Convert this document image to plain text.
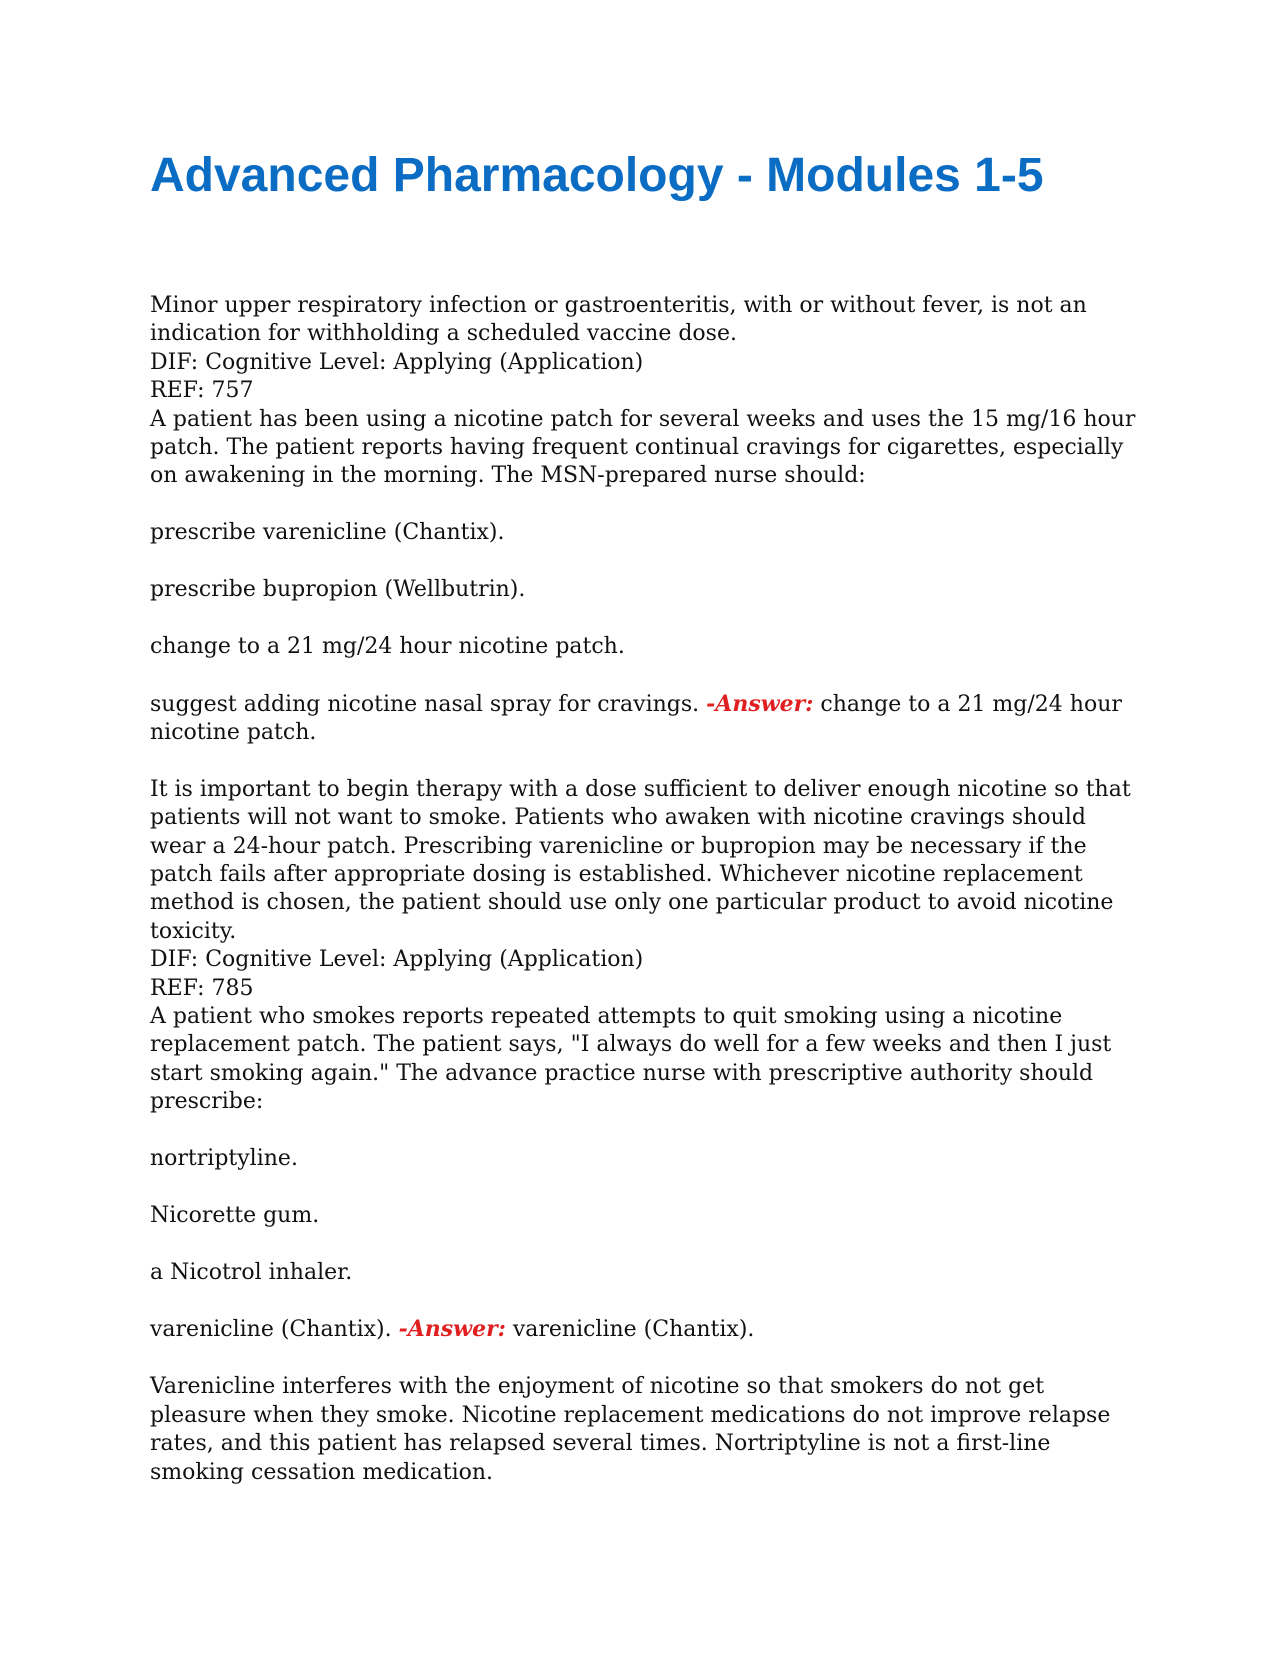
Advanced Pharmacology - Modules 1-5

Minor upper respiratory infection or gastroenteritis, with or without fever, is not an

indication for withholding a scheduled vaccine dose.

DIF: Cognitive Level: Applying (Application)

REF: 757

A patient has been using a nicotine patch for several weeks and uses the 15 mg/16 hour

patch. The patient reports having frequent continual cravings for cigarettes, especially

on awakening in the morning. The MSN-prepared nurse should:

prescribe varenicline (Chantix).

prescribe bupropion (Wellbutrin).

change to a 21 mg/24 hour nicotine patch.

suggest adding nicotine nasal spray for cravings. -Answer: change to a 21 mg/24 hour

nicotine patch.

It is important to begin therapy with a dose sufficient to deliver enough nicotine so that

patients will not want to smoke. Patients who awaken with nicotine cravings should

wear a 24-hour patch. Prescribing varenicline or bupropion may be necessary if the

patch fails after appropriate dosing is established. Whichever nicotine replacement

method is chosen, the patient should use only one particular product to avoid nicotine

toxicity.

DIF: Cognitive Level: Applying (Application)

REF: 785

A patient who smokes reports repeated attempts to quit smoking using a nicotine

replacement patch. The patient says, "I always do well for a few weeks and then I just

start smoking again." The advance practice nurse with prescriptive authority should

prescribe:

nortriptyline.

Nicorette gum.

a Nicotrol inhaler.

varenicline (Chantix). -Answer: varenicline (Chantix).

Varenicline interferes with the enjoyment of nicotine so that smokers do not get

pleasure when they smoke. Nicotine replacement medications do not improve relapse

rates, and this patient has relapsed several times. Nortriptyline is not a first-line

smoking cessation medication.
